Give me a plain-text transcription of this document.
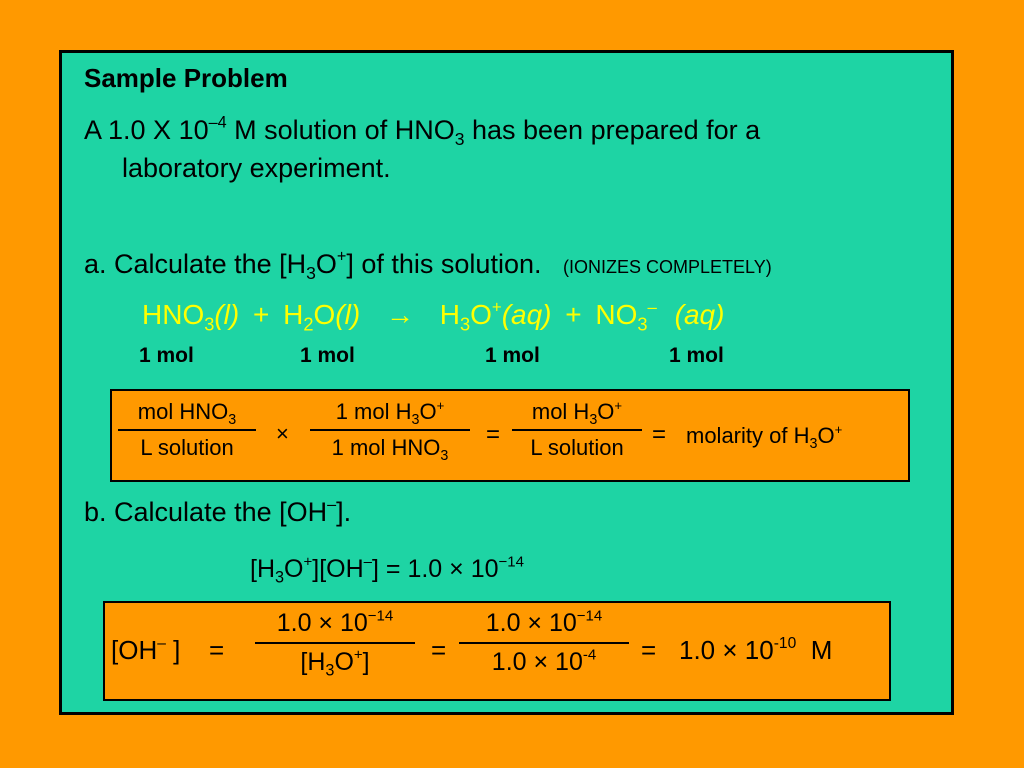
Sample Problem
A 1.0 X $10^{-4}$ M solution of $HNO_3$ has been prepared for a
laboratory experiment.
a. Calculate the $[H_3O^+]$ of this solution. (IONIZES COMPLETELY)
$HNO_3(l) + H_2O(l) \to H_3O^+(aq) + NO_3^-$ (aq)
1 mol	1 mol	1 mol	1 mol
mol $HNO_3$
L solution
×
1 mol $H_3O^+$
1 mol $HNO_3$
=
mol $H_3O^+$
L solution	= molarity of $H_3O^+$
b. Calculate the [OH–].
$[H_3O^+][OH^-] = 1.0 \times 10^{-14}$
[OH– ] =
$1.0 \times 10^{-14}$
$[H_3O^+]$	=
$1.0 \times 10^{-14}$
$1.0 \times 10^{-4}$	= $1.0 \times 10^{-10}$  M
